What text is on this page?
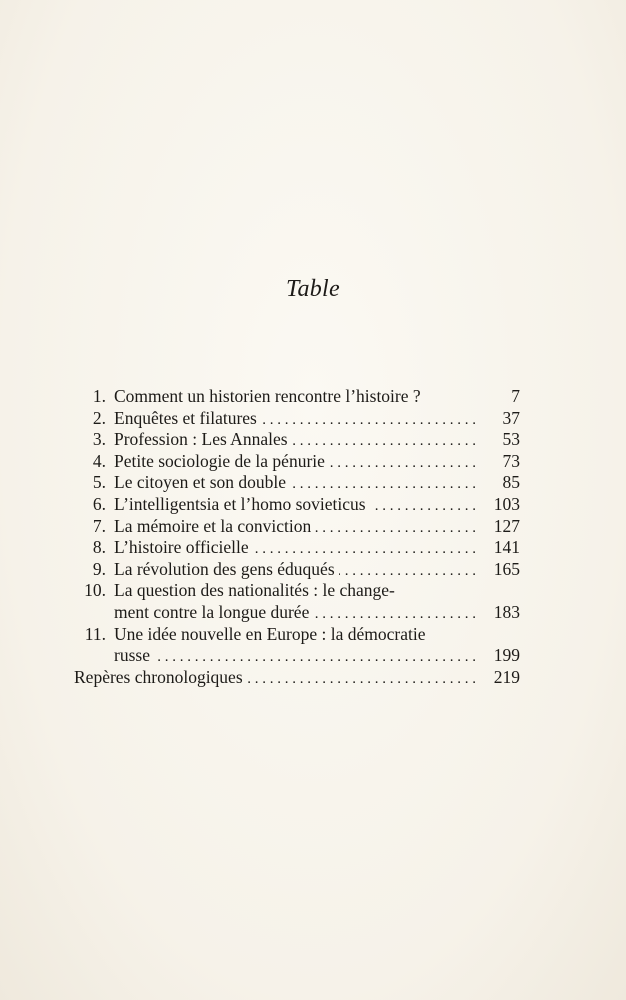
Table
1. Comment un historien rencontre l’histoire ?	7
2. Enquêtes et filatures . . .	37
3. Profession : Les Annales . . .	53
4. Petite sociologie de la pénurie . . .	73
5. Le citoyen et son double . . .	85
6. L’intelligentsia et l’homo sovieticus . . .	103
7. La mémoire et la conviction . . .	127
8. L’histoire officielle . . .	141
9. La révolution des gens éduqués . . .	165
10. La question des nationalités : le change-
ment contre la longue durée . . .	183
11. Une idée nouvelle en Europe : la démocratie
russe . . .	199
Repères chronologiques . . .	219
